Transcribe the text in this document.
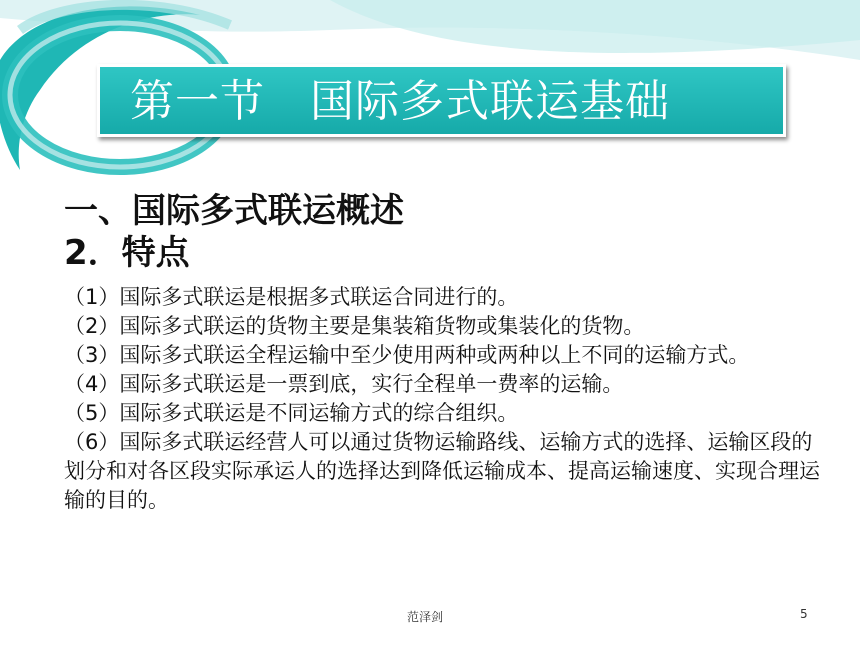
第一节　国际多式联运基础
一、国际多式联运概述
2．特点
（1）国际多式联运是根据多式联运合同进行的。
（2）国际多式联运的货物主要是集装箱货物或集装化的货物。
（3）国际多式联运全程运输中至少使用两种或两种以上不同的运输方式。
（4）国际多式联运是一票到底，实行全程单一费率的运输。
（5）国际多式联运是不同运输方式的综合组织。
（6）国际多式联运经营人可以通过货物运输路线、运输方式的选择、运输区段的划分和对各区段实际承运人的选择达到降低运输成本、提高运输速度、实现合理运输的目的。
范泽剑	5
